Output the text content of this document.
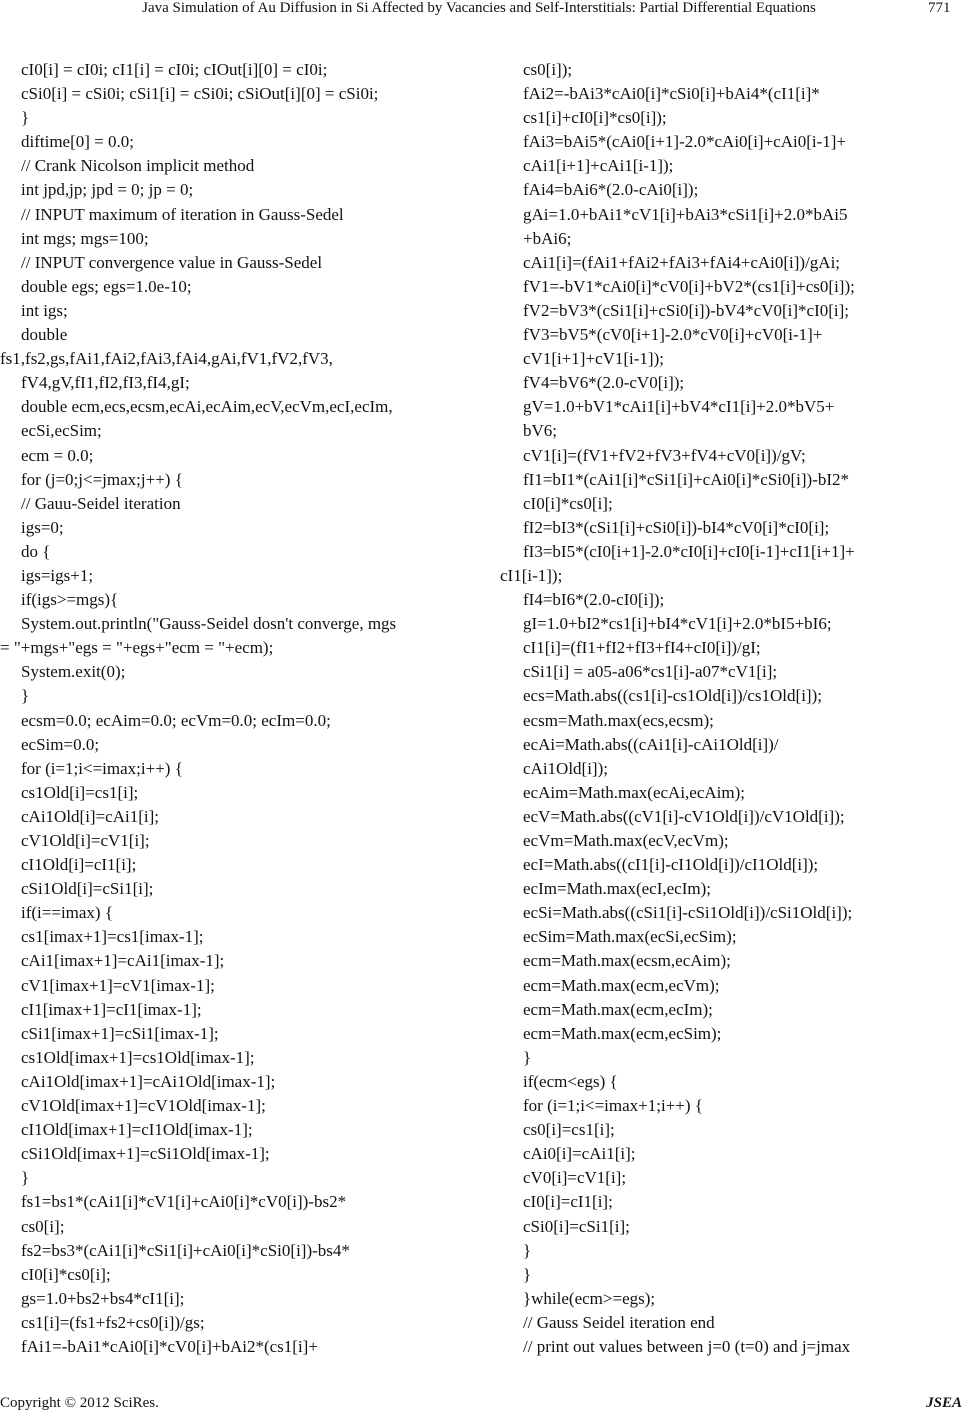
Java Simulation of Au Diffusion in Si Affected by Vacancies and Self-Interstitials: Partial Differential Equations	771
cI0[i] = cI0i; cI1[i] = cI0i; cIOut[i][0] = cI0i;
cSi0[i] = cSi0i; cSi1[i] = cSi0i; cSiOut[i][0] = cSi0i;
}
diftime[0] = 0.0;
// Crank Nicolson implicit method
int jpd,jp; jpd = 0; jp = 0;
// INPUT maximum of iteration in Gauss-Sedel
int mgs; mgs=100;
// INPUT convergence value in Gauss-Sedel
double egs; egs=1.0e-10;
int igs;
double
fs1,fs2,gs,fAi1,fAi2,fAi3,fAi4,gAi,fV1,fV2,fV3,
fV4,gV,fI1,fI2,fI3,fI4,gI;
double ecm,ecs,ecsm,ecAi,ecAim,ecV,ecVm,ecI,ecIm,
ecSi,ecSim;
ecm = 0.0;
for (j=0;j<=jmax;j++) {
// Gauu-Seidel iteration
igs=0;
do {
igs=igs+1;
if(igs>=mgs){
System.out.println("Gauss-Seidel dosn't converge, mgs
= "+mgs+"egs = "+egs+"ecm = "+ecm);
System.exit(0);
}
ecsm=0.0; ecAim=0.0; ecVm=0.0; ecIm=0.0;
ecSim=0.0;
for (i=1;i<=imax;i++) {
cs1Old[i]=cs1[i];
cAi1Old[i]=cAi1[i];
cV1Old[i]=cV1[i];
cI1Old[i]=cI1[i];
cSi1Old[i]=cSi1[i];
if(i==imax) {
cs1[imax+1]=cs1[imax-1];
cAi1[imax+1]=cAi1[imax-1];
cV1[imax+1]=cV1[imax-1];
cI1[imax+1]=cI1[imax-1];
cSi1[imax+1]=cSi1[imax-1];
cs1Old[imax+1]=cs1Old[imax-1];
cAi1Old[imax+1]=cAi1Old[imax-1];
cV1Old[imax+1]=cV1Old[imax-1];
cI1Old[imax+1]=cI1Old[imax-1];
cSi1Old[imax+1]=cSi1Old[imax-1];
}
fs1=bs1*(cAi1[i]*cV1[i]+cAi0[i]*cV0[i])-bs2*
cs0[i];
fs2=bs3*(cAi1[i]*cSi1[i]+cAi0[i]*cSi0[i])-bs4*
cI0[i]*cs0[i];
gs=1.0+bs2+bs4*cI1[i];
cs1[i]=(fs1+fs2+cs0[i])/gs;
fAi1=-bAi1*cAi0[i]*cV0[i]+bAi2*(cs1[i]+
cs0[i]);
fAi2=-bAi3*cAi0[i]*cSi0[i]+bAi4*(cI1[i]*
cs1[i]+cI0[i]*cs0[i]);
fAi3=bAi5*(cAi0[i+1]-2.0*cAi0[i]+cAi0[i-1]+
cAi1[i+1]+cAi1[i-1]);
fAi4=bAi6*(2.0-cAi0[i]);
gAi=1.0+bAi1*cV1[i]+bAi3*cSi1[i]+2.0*bAi5
+bAi6;
cAi1[i]=(fAi1+fAi2+fAi3+fAi4+cAi0[i])/gAi;
fV1=-bV1*cAi0[i]*cV0[i]+bV2*(cs1[i]+cs0[i]);
fV2=bV3*(cSi1[i]+cSi0[i])-bV4*cV0[i]*cI0[i];
fV3=bV5*(cV0[i+1]-2.0*cV0[i]+cV0[i-1]+
cV1[i+1]+cV1[i-1]);
fV4=bV6*(2.0-cV0[i]);
gV=1.0+bV1*cAi1[i]+bV4*cI1[i]+2.0*bV5+
bV6;
cV1[i]=(fV1+fV2+fV3+fV4+cV0[i])/gV;
fI1=bI1*(cAi1[i]*cSi1[i]+cAi0[i]*cSi0[i])-bI2*
cI0[i]*cs0[i];
fI2=bI3*(cSi1[i]+cSi0[i])-bI4*cV0[i]*cI0[i];
fI3=bI5*(cI0[i+1]-2.0*cI0[i]+cI0[i-1]+cI1[i+1]+
cI1[i-1]);
fI4=bI6*(2.0-cI0[i]);
gI=1.0+bI2*cs1[i]+bI4*cV1[i]+2.0*bI5+bI6;
cI1[i]=(fI1+fI2+fI3+fI4+cI0[i])/gI;
cSi1[i] = a05-a06*cs1[i]-a07*cV1[i];
ecs=Math.abs((cs1[i]-cs1Old[i])/cs1Old[i]);
ecsm=Math.max(ecs,ecsm);
ecAi=Math.abs((cAi1[i]-cAi1Old[i])/
cAi1Old[i]);
ecAim=Math.max(ecAi,ecAim);
ecV=Math.abs((cV1[i]-cV1Old[i])/cV1Old[i]);
ecVm=Math.max(ecV,ecVm);
ecI=Math.abs((cI1[i]-cI1Old[i])/cI1Old[i]);
ecIm=Math.max(ecI,ecIm);
ecSi=Math.abs((cSi1[i]-cSi1Old[i])/cSi1Old[i]);
ecSim=Math.max(ecSi,ecSim);
ecm=Math.max(ecsm,ecAim);
ecm=Math.max(ecm,ecVm);
ecm=Math.max(ecm,ecIm);
ecm=Math.max(ecm,ecSim);
}
if(ecm<egs) {
for (i=1;i<=imax+1;i++) {
cs0[i]=cs1[i];
cAi0[i]=cAi1[i];
cV0[i]=cV1[i];
cI0[i]=cI1[i];
cSi0[i]=cSi1[i];
}
}
}while(ecm>=egs);
// Gauss Seidel iteration end
// print out values between j=0 (t=0) and j=jmax
Copyright © 2012 SciRes.	JSEA
